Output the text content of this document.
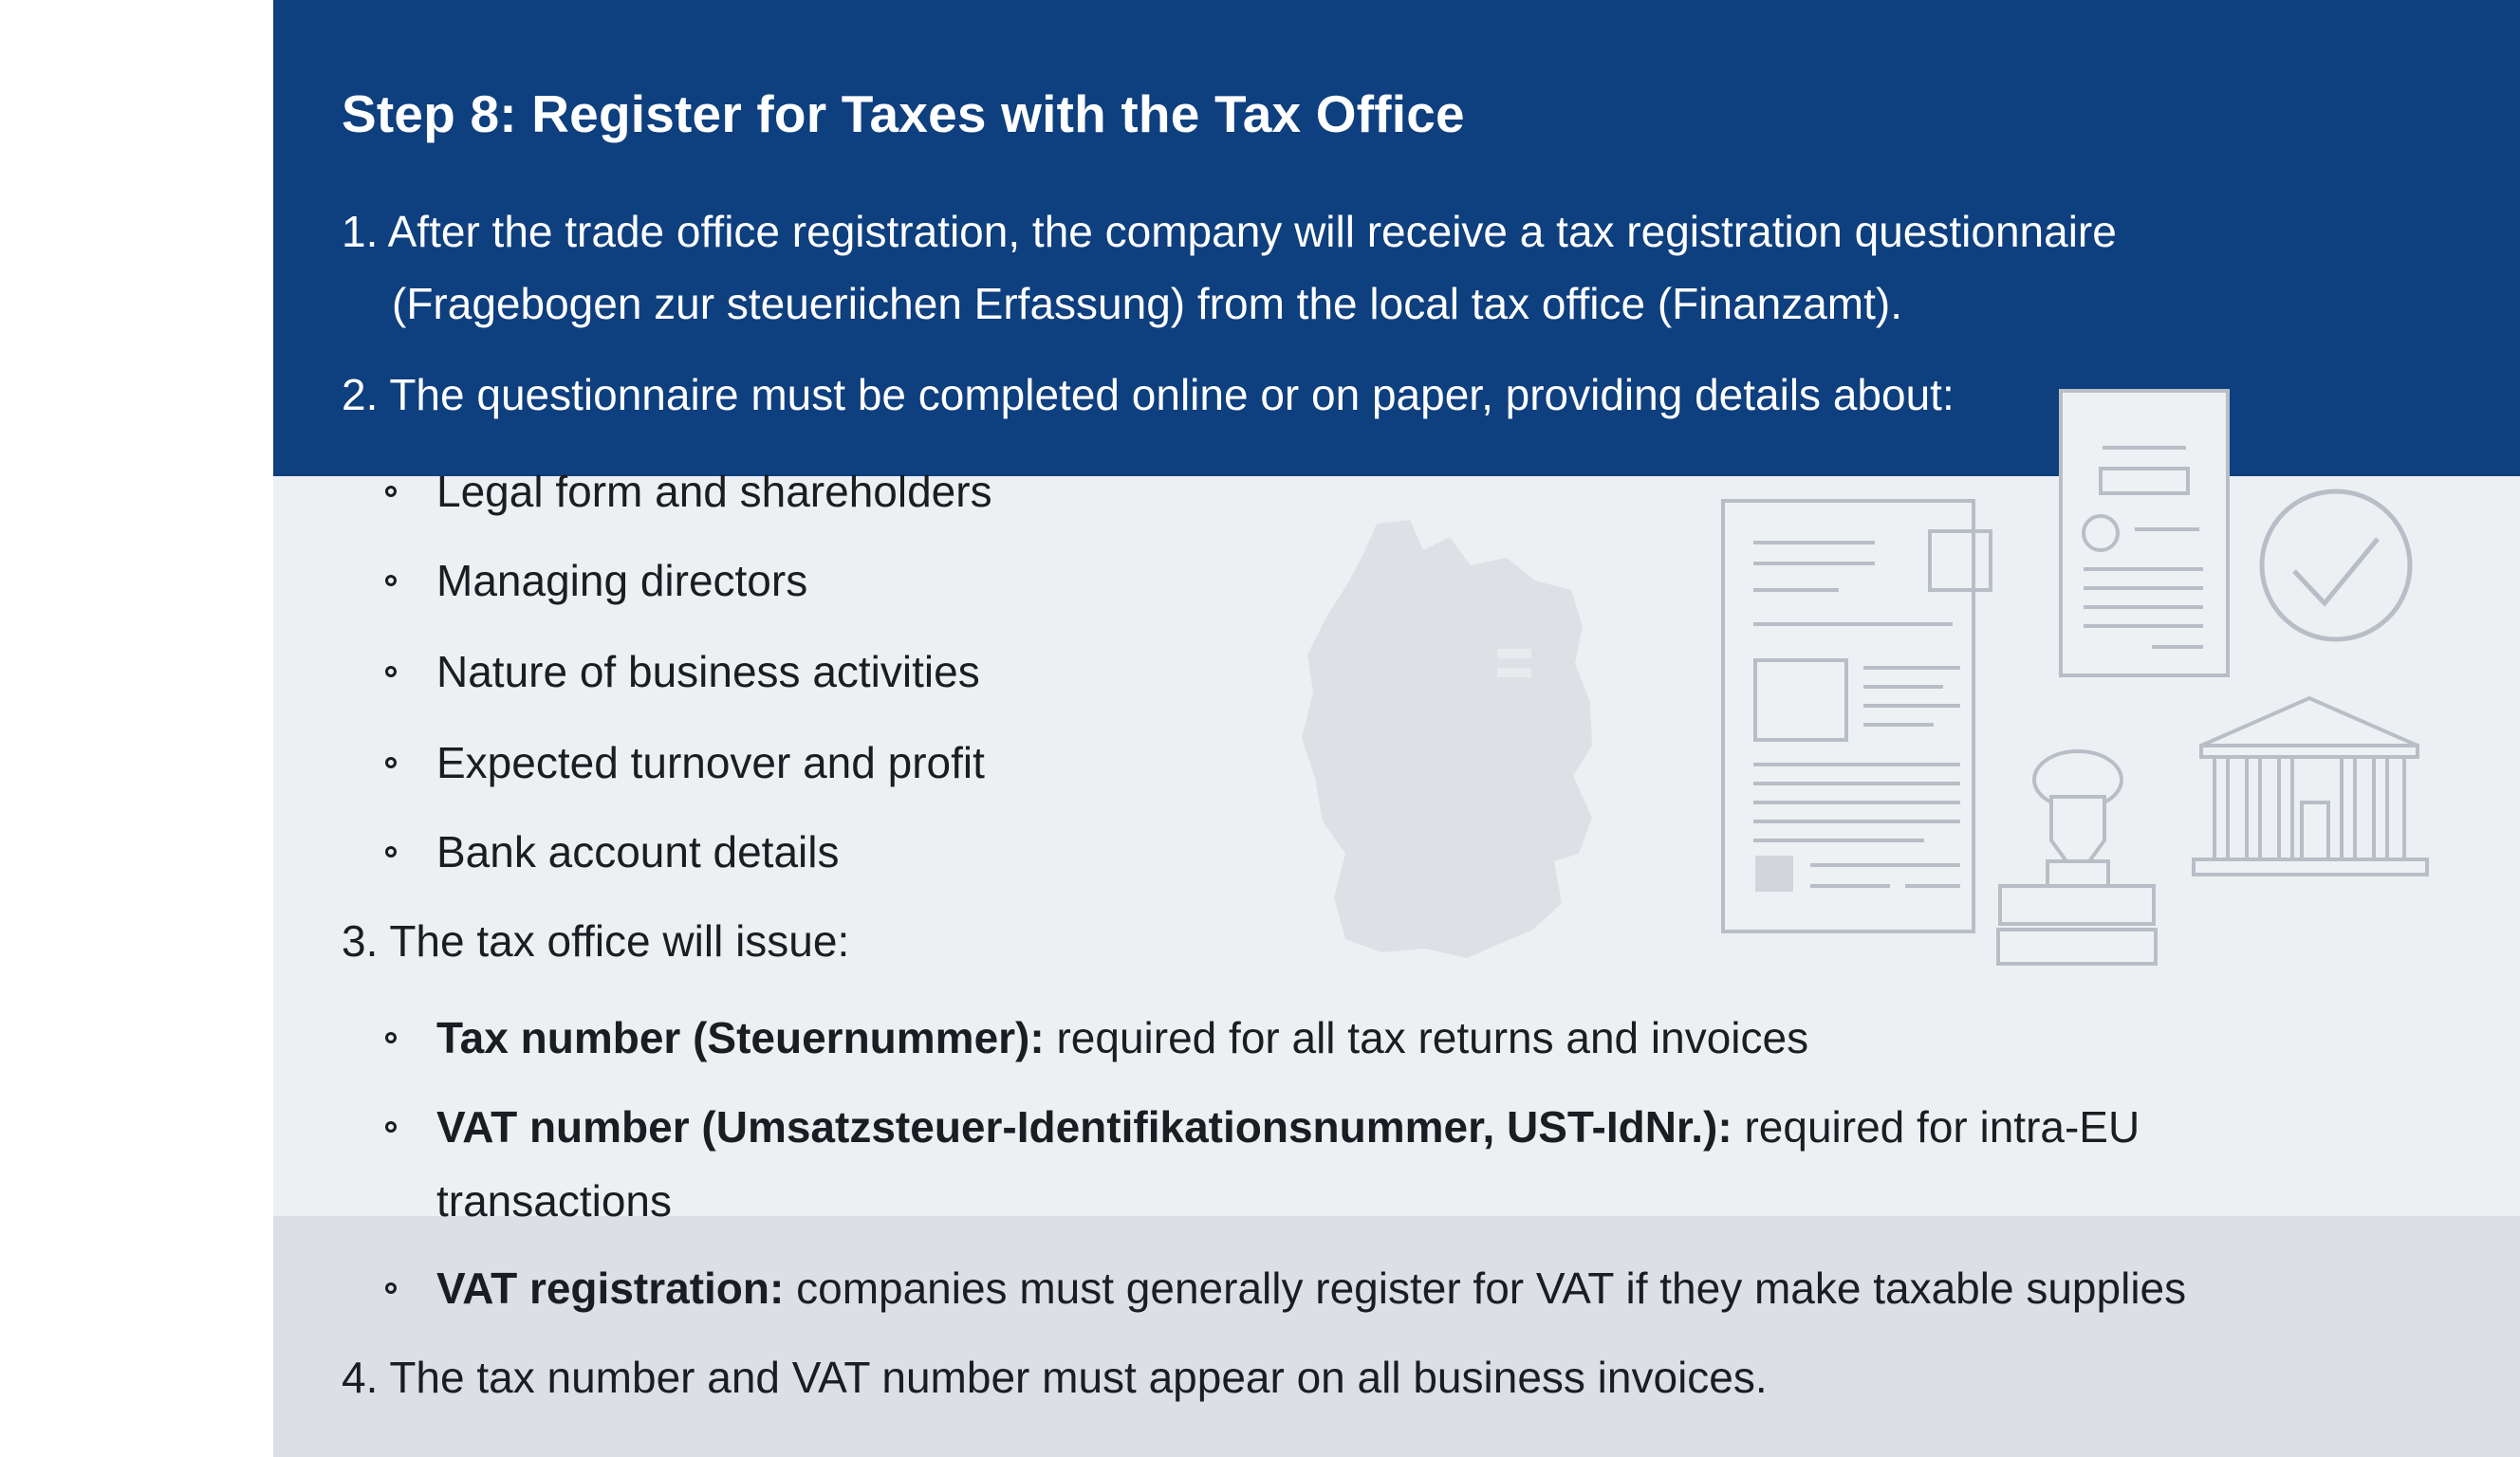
Step 8: Register for Taxes with the Tax Office
1. After the trade office registration, the company will receive a tax registration questionnaire
(Fragebogen zur steueriichen Erfassung) from the local tax office (Finanzamt).
2. The questionnaire must be completed online or on paper, providing details about:
Legal form and shareholders
Managing directors
Nature of business activities
Expected turnover and profit
Bank account details
3. The tax office will issue:
Tax number (Steuernummer): required for all tax returns and invoices
VAT number (Umsatzsteuer-Identifikationsnummer, UST-IdNr.): required for intra-EU
transactions
VAT registration: companies must generally register for VAT if they make taxable supplies
4. The tax number and VAT number must appear on all business invoices.
